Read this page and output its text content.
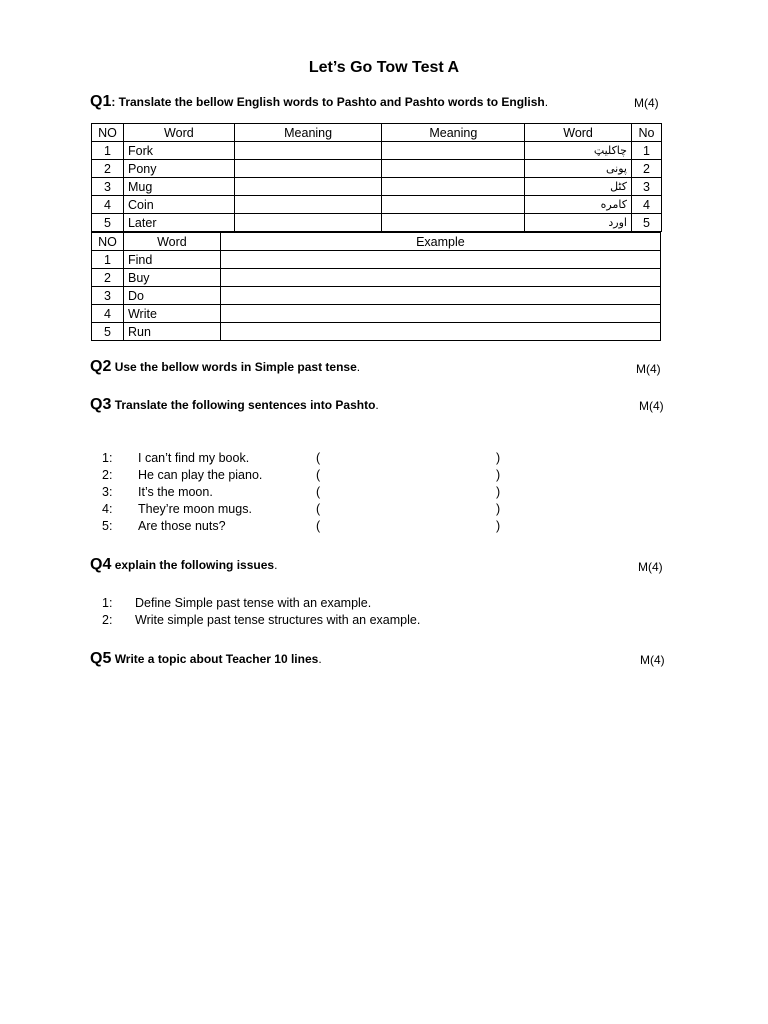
Let’s Go Tow Test A
Q1: Translate the bellow English words to Pashto and Pashto words to English.	M(4)
NO	Word	Meaning	Meaning	Word	No
1	Fork			چاکلیټ	1
2	Pony			پونی	2
3	Mug			کٹل	3
4	Coin			کامره	4
5	Later			اورد	5
NO	Word	Example
1	Find	
2	Buy	
3	Do	
4	Write	
5	Run	
Q2 Use the bellow words in Simple past tense.	M(4)
Q3 Translate the following sentences into Pashto.	M(4)
1: I can’t find my book.	(	)
2: He can play the piano.	(	)
3: It’s the moon.	(	)
4: They’re moon mugs.	(	)
5: Are those nuts?	(	)
Q4 explain the following issues.	M(4)
1: Define Simple past tense with an example.
2: Write simple past tense structures with an example.
Q5 Write a topic about Teacher 10 lines.	M(4)
